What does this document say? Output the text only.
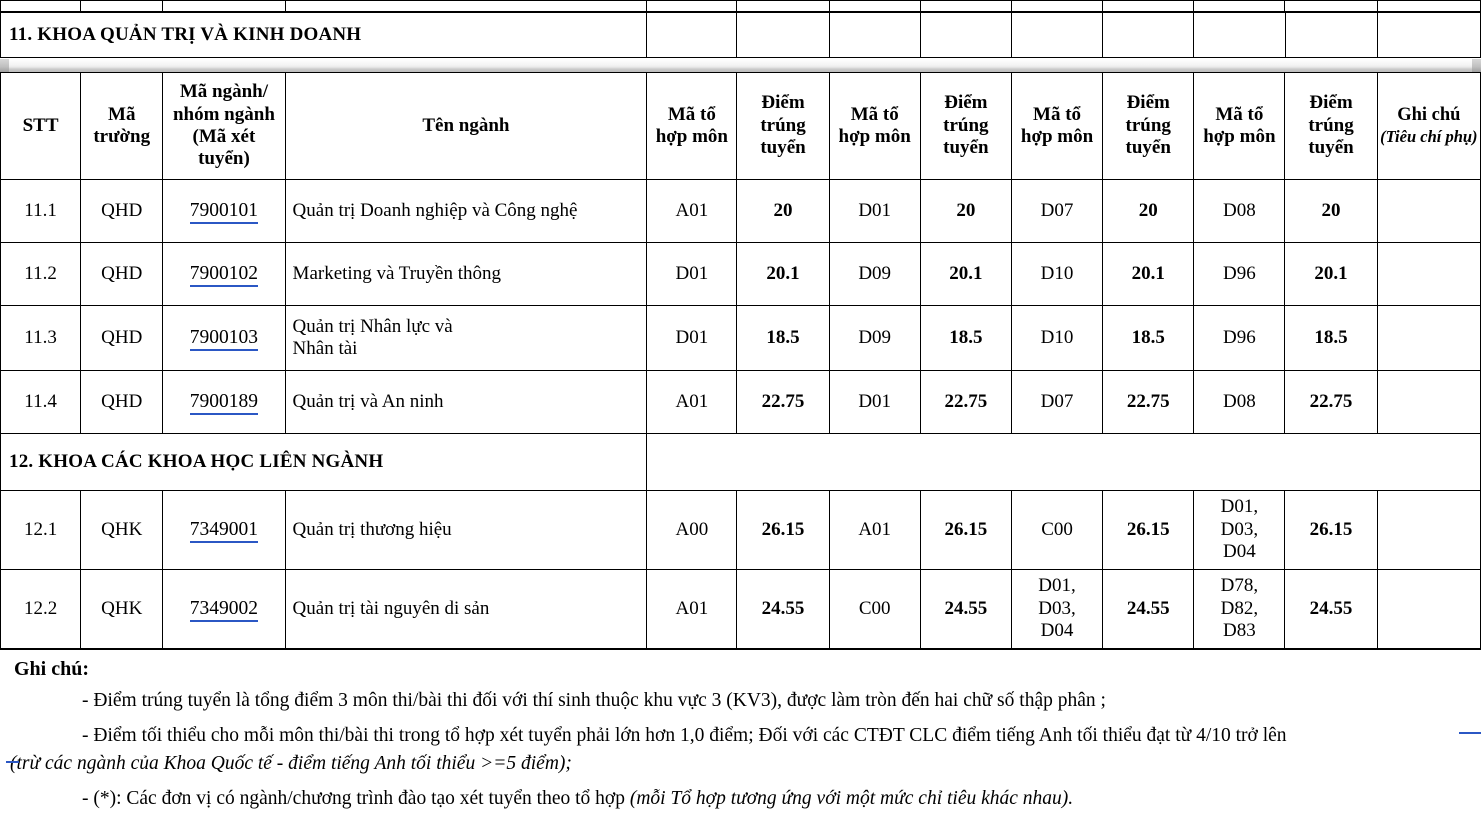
11. KHOA QUẢN TRỊ VÀ KINH DOANH									
STT	Mã trường	Mã ngành/
nhóm ngành
(Mã xét
tuyển)	Tên ngành	Mã tổ
hợp môn	Điểm
trúng
tuyển	Mã tổ
hợp môn	Điểm
trúng
tuyển	Mã tổ
hợp môn	Điểm
trúng
tuyển	Mã tổ
hợp môn	Điểm
trúng
tuyển	Ghi chú
(Tiêu chí phụ)

11.1	QHD	7900101	Quản trị Doanh nghiệp và Công nghệ	A01	20	D01	20	D07	20	D08	20	
11.2	QHD	7900102	Marketing và Truyền thông	D01	20.1	D09	20.1	D10	20.1	D96	20.1	
11.3	QHD	7900103	Quản trị Nhân lực và
Nhân tài	D01	18.5	D09	18.5	D10	18.5	D96	18.5	
11.4	QHD	7900189	Quản trị và An ninh	A01	22.75	D01	22.75	D07	22.75	D08	22.75	
12. KHOA CÁC KHOA HỌC LIÊN NGÀNH												
12.1	QHK	7349001	Quản trị thương hiệu	A00	26.15	A01	26.15	C00	26.15	D01,
D03,
D04	26.15	
12.2	QHK	7349002	Quản trị tài nguyên di sản	A01	24.55	C00	24.55	D01,
D03,
D04	24.55	D78,
D82,
D83	24.55	
Ghi chú:

- Điểm trúng tuyển là tổng điểm 3 môn thi/bài thi đối với thí sinh thuộc khu vực 3 (KV3), được làm tròn đến hai chữ số thập phân ;

- Điểm tối thiểu cho mỗi môn thi/bài thi trong tổ hợp xét tuyển phải lớn hơn 1,0 điểm; Đối với các CTĐT CLC điểm tiếng Anh tối thiểu đạt từ 4/10 trở lên

(trừ các ngành của Khoa Quốc tế - điểm tiếng Anh tối thiểu >=5 điểm);

- (*): Các đơn vị có ngành/chương trình đào tạo xét tuyển theo tổ hợp (mỗi Tổ hợp tương ứng với một mức chỉ tiêu khác nhau).
